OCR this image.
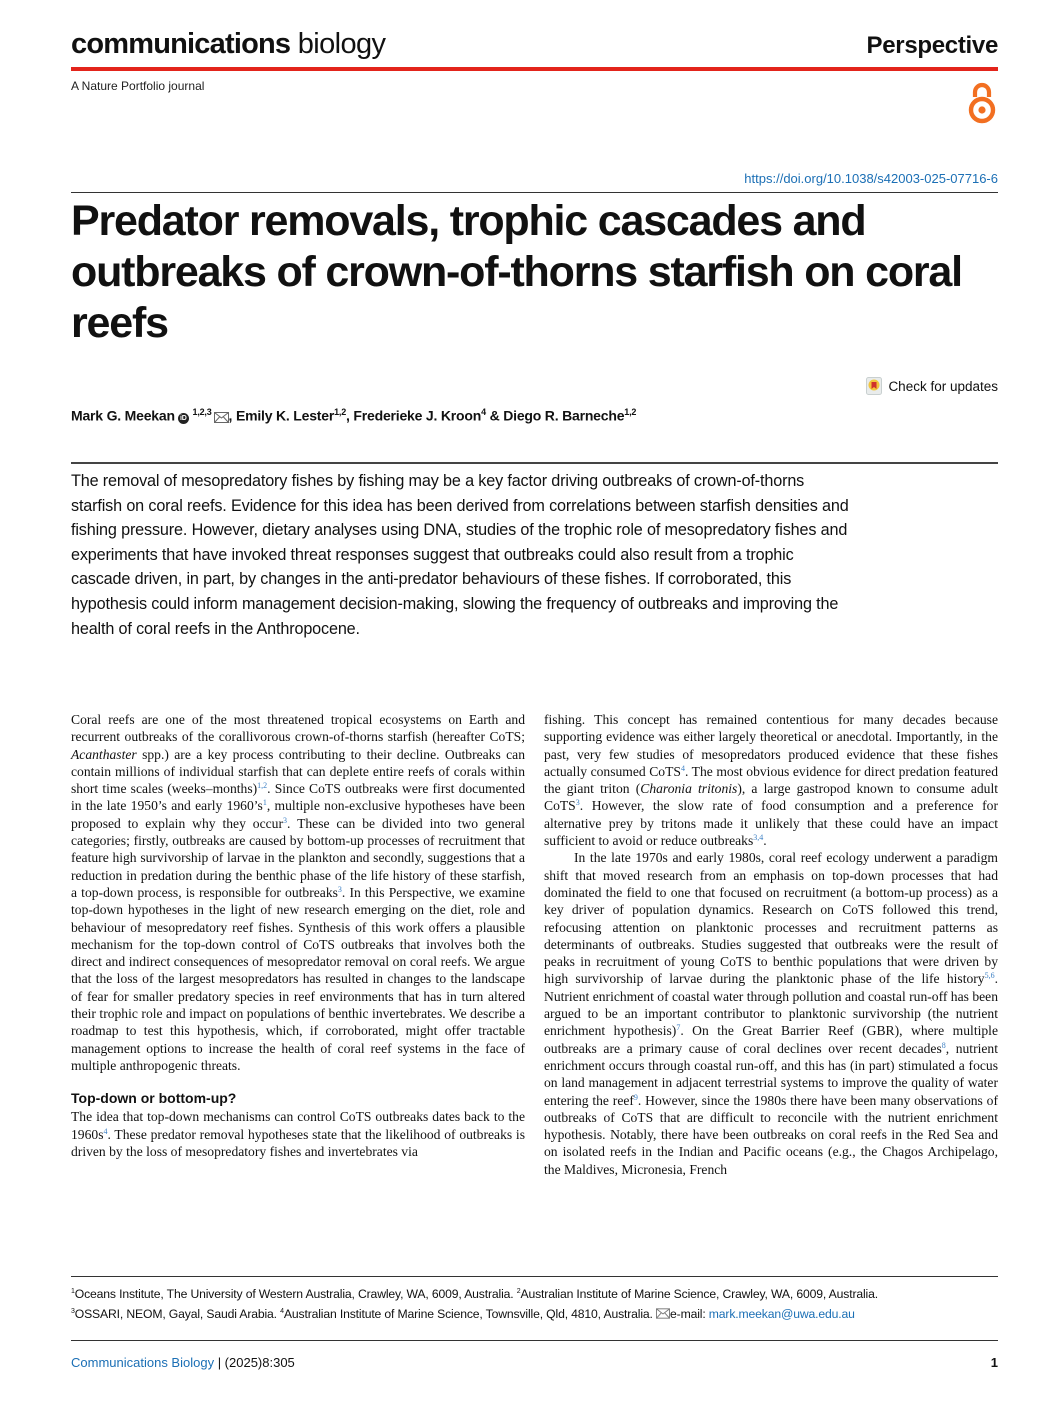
communications biology	Perspective
A Nature Portfolio journal
https://doi.org/10.1038/s42003-025-07716-6
Predator removals, trophic cascades and outbreaks of crown-of-thorns starfish on coral reefs
Check for updates
Mark G. Meekan iD $^{1,2,3}$ , Emily K. Lester$^{1,2}$, Frederieke J. Kroon$^4$ & Diego R. Barneche$^{1,2}$

The removal of mesopredatory fishes by fishing may be a key factor driving outbreaks of crown-of-thorns starfish on coral reefs. Evidence for this idea has been derived from correlations between starfish densities and fishing pressure. However, dietary analyses using DNA, studies of the trophic role of mesopredatory fishes and experiments that have invoked threat responses suggest that outbreaks could also result from a trophic cascade driven, in part, by changes in the anti-predator behaviours of these fishes. If corroborated, this hypothesis could inform management decision-making, slowing the frequency of outbreaks and improving the health of coral reefs in the Anthropocene.

Coral reefs are one of the most threatened tropical ecosystems on Earth and recurrent outbreaks of the corallivorous crown-of-thorns starfish (hereafter CoTS; Acanthaster spp.) are a key process contributing to their decline. Outbreaks can contain millions of individual starfish that can deplete entire reefs of corals within short time scales (weeks–months)$^{1,2}$. Since CoTS outbreaks were first documented in the late 1950’s and early $1960’s^1$, multiple non-exclusive hypotheses have been proposed to explain why they occur$^3$. These can be divided into two general categories; firstly, outbreaks are caused by bottom-up processes of recruitment that feature high survivorship of larvae in the plankton and secondly, suggestions that a reduction in predation during the benthic phase of the life history of these starfish, a top-down process, is responsible for outbreaks$^3$. In this Perspective, we examine top-down hypotheses in the light of new research emerging on the diet, role and behaviour of mesopredatory reef fishes. Synthesis of this work offers a plausible mechanism for the top-down control of CoTS outbreaks that involves both the direct and indirect consequences of mesopredator removal on coral reefs. We argue that the loss of the largest mesopredators has resulted in changes to the landscape of fear for smaller predatory species in reef environments that has in turn altered their trophic role and impact on populations of benthic invertebrates. We describe a roadmap to test this hypothesis, which, if corroborated, might offer tractable management options to increase the health of coral reef systems in the face of multiple anthropogenic threats.

Top-down or bottom-up?

The idea that top-down mechanisms can control CoTS outbreaks dates back to the $1960s^4$. These predator removal hypotheses state that the likelihood of outbreaks is driven by the loss of mesopredatory fishes and invertebrates via

fishing. This concept has remained contentious for many decades because supporting evidence was either largely theoretical or anecdotal. Importantly, in the past, very few studies of mesopredators produced evidence that these fishes actually consumed CoTS$^4$. The most obvious evidence for direct predation featured the giant triton (Charonia tritonis), a large gastropod known to consume adult CoTS$^3$. However, the slow rate of food consumption and a preference for alternative prey by tritons made it unlikely that these could have an impact sufficient to avoid or reduce outbreaks$^{3,4}$.

In the late 1970s and early 1980s, coral reef ecology underwent a paradigm shift that moved research from an emphasis on top-down processes that had dominated the field to one that focused on recruitment (a bottom-up process) as a key driver of population dynamics. Research on CoTS followed this trend, refocusing attention on planktonic processes and recruitment patterns as determinants of outbreaks. Studies suggested that outbreaks were the result of peaks in recruitment of young CoTS to benthic populations that were driven by high survivorship of larvae during the planktonic phase of the life history$^{5,6}$. Nutrient enrichment of coastal water through pollution and coastal run-off has been argued to be an important contributor to planktonic survivorship (the nutrient enrichment hypothesis)$^7$. On the Great Barrier Reef (GBR), where multiple outbreaks are a primary cause of coral declines over recent decades$^8$, nutrient enrichment occurs through coastal run-off, and this has (in part) stimulated a focus on land management in adjacent terrestrial systems to improve the quality of water entering the reef$^9$. However, since the 1980s there have been many observations of outbreaks of CoTS that are difficult to reconcile with the nutrient enrichment hypothesis. Notably, there have been outbreaks on coral reefs in the Red Sea and on isolated reefs in the Indian and Pacific oceans (e.g., the Chagos Archipelago, the Maldives, Micronesia, French

$^1$Oceans Institute, The University of Western Australia, Crawley, WA, 6009, Australia. $^2$Australian Institute of Marine Science, Crawley, WA, 6009, Australia.
$^3$OSSARI, NEOM, Gayal, Saudi Arabia. $^4$Australian Institute of Marine Science, Townsville, Qld, 4810, Australia. e-mail: mark.meekan@uwa.edu.au
Communications Biology | (2025)8:305	1
